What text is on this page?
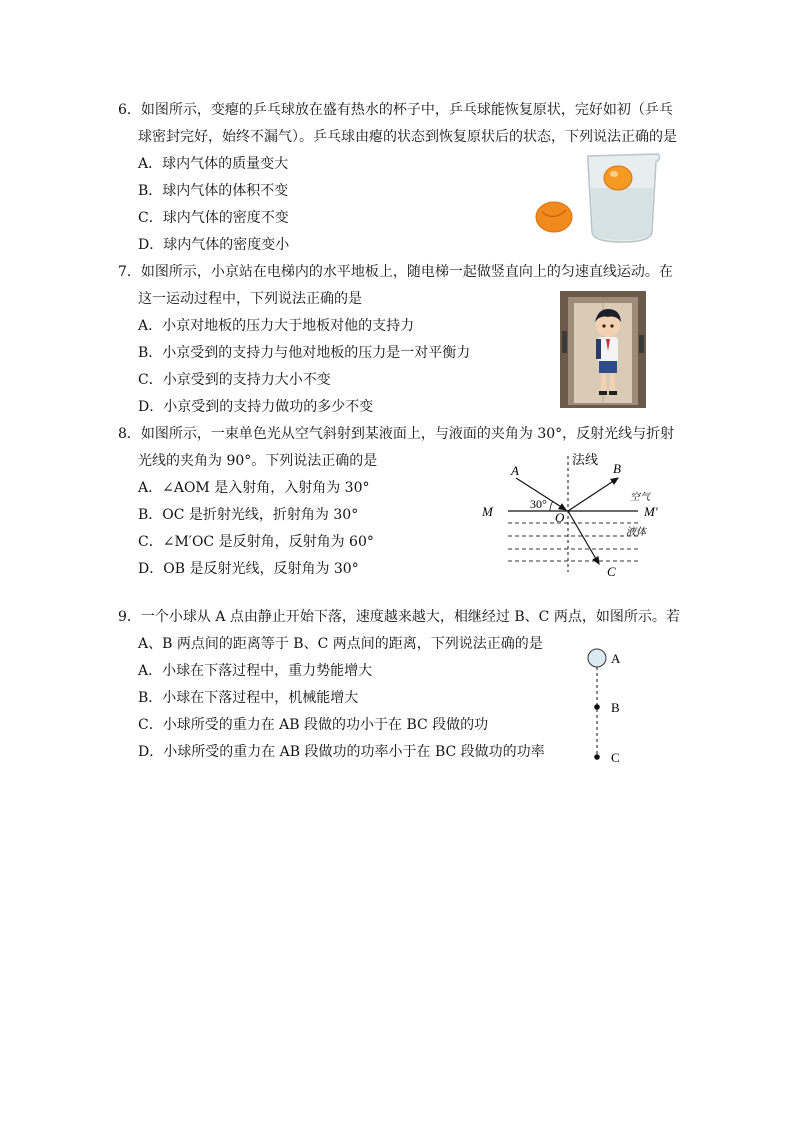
6．如图所示，变瘪的乒乓球放在盛有热水的杯子中，乒乓球能恢复原状，完好如初（乒乓
球密封完好，始终不漏气）。乒乓球由瘪的状态到恢复原状后的状态，下列说法正确的是
A．球内气体的质量变大
B．球内气体的体积不变
C．球内气体的密度不变
D．球内气体的密度变小
7．如图所示，小京站在电梯内的水平地板上，随电梯一起做竖直向上的匀速直线运动。在
这一运动过程中，下列说法正确的是
A．小京对地板的压力大于地板对他的支持力
B．小京受到的支持力与他对地板的压力是一对平衡力
C．小京受到的支持力大小不变
D．小京受到的支持力做功的多少不变
8．如图所示，一束单色光从空气斜射到某液面上，与液面的夹角为 30°，反射光线与折射
光线的夹角为 90°。下列说法正确的是
A．∠AOM 是入射角，入射角为 30°
B．OC 是折射光线，折射角为 30°
C．∠M′OC 是反射角，反射角为 60°
D．OB 是反射光线，反射角为 30°
法线
A	B
C
O
M	M′
30°	空气
液体
9．一个小球从 A 点由静止开始下落，速度越来越大，相继经过 B、C 两点，如图所示。若
A、B 两点间的距离等于 B、C 两点间的距离，下列说法正确的是
A．小球在下落过程中，重力势能增大
B．小球在下落过程中，机械能增大
C．小球所受的重力在 AB 段做的功小于在 BC 段做的功
D．小球所受的重力在 AB 段做功的功率小于在 BC 段做功的功率
A
B
C
